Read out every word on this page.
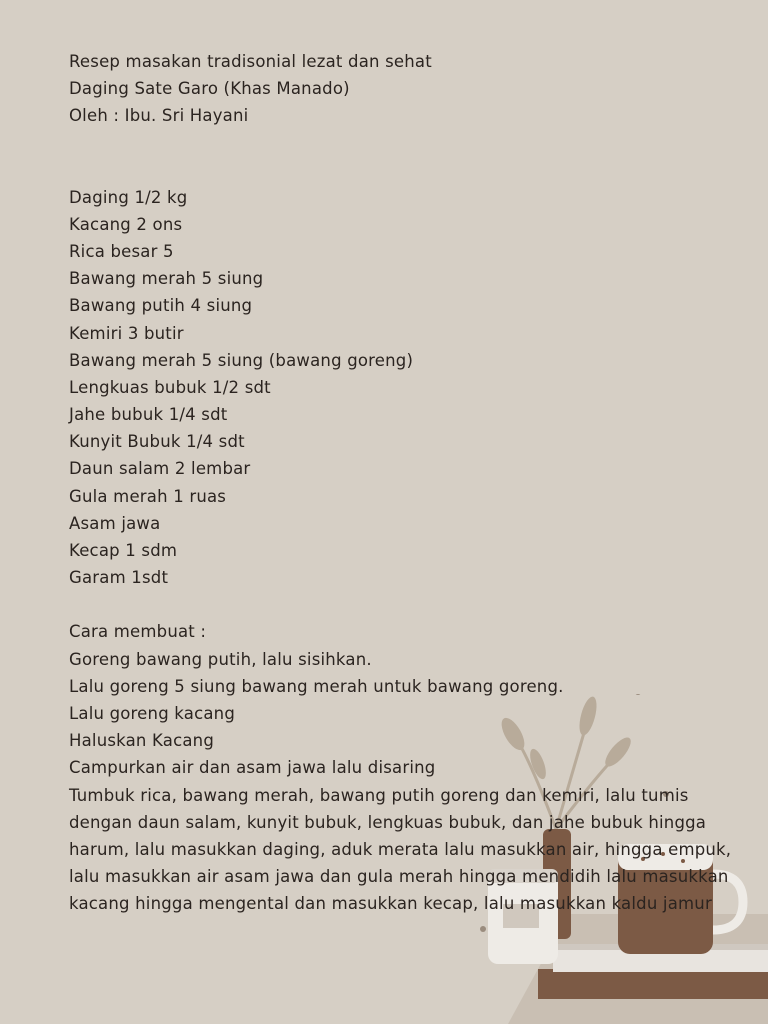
Resep masakan tradisonial lezat dan sehat
Daging Sate Garo (Khas Manado)
Oleh : Ibu. Sri Hayani
Daging 1/2 kg
Kacang 2 ons
Rica besar 5
Bawang merah 5 siung
Bawang putih 4 siung
Kemiri 3 butir
Bawang merah 5 siung (bawang goreng)
Lengkuas bubuk 1/2 sdt
Jahe bubuk 1/4 sdt
Kunyit Bubuk 1/4 sdt
Daun salam 2 lembar
Gula merah 1 ruas
Asam jawa
Kecap 1 sdm
Garam 1sdt
Cara membuat :
Goreng bawang putih, lalu sisihkan.
Lalu goreng 5 siung bawang merah untuk bawang goreng.
Lalu goreng kacang
Haluskan Kacang
Campurkan air dan asam jawa lalu disaring
Tumbuk rica, bawang merah, bawang putih goreng dan kemiri, lalu tumis dengan daun salam, kunyit bubuk, lengkuas bubuk, dan jahe bubuk hingga harum, lalu masukkan daging, aduk merata lalu masukkan air, hingga empuk, lalu masukkan air asam jawa dan gula merah hingga mendidih lalu masukkan kacang hingga mengental dan masukkan kecap, lalu masukkan kaldu jamur
